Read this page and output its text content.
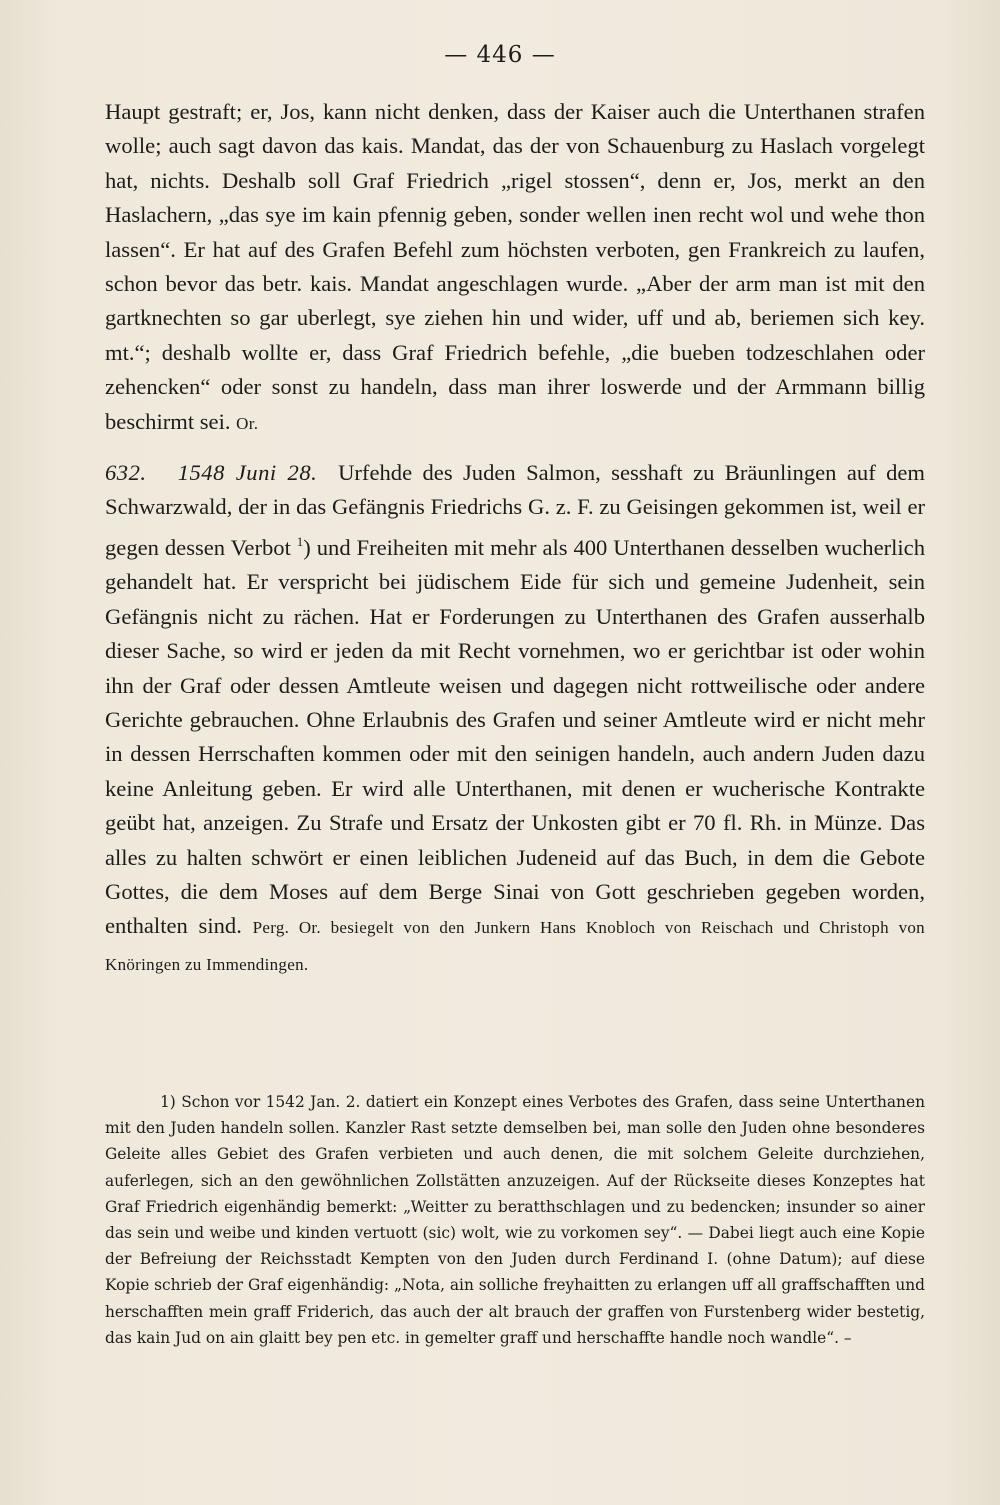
— 446 —

Haupt gestraft; er, Jos, kann nicht denken, dass der Kaiser auch die Unterthanen strafen wolle; auch sagt davon das kais. Mandat, das der von Schauenburg zu Haslach vorgelegt hat, nichts. Deshalb soll Graf Friedrich „rigel stossen“, denn er, Jos, merkt an den Haslachern, „das sye im kain pfennig geben, sonder wellen inen recht wol und wehe thon lassen“. Er hat auf des Grafen Befehl zum höchsten verboten, gen Frankreich zu laufen, schon bevor das betr. kais. Mandat angeschlagen wurde. „Aber der arm man ist mit den gartknechten so gar uberlegt, sye ziehen hin und wider, uff und ab, beriemen sich key. mt.“; deshalb wollte er, dass Graf Friedrich befehle, „die bueben todzeschlahen oder zehencken“ oder sonst zu handeln, dass man ihrer loswerde und der Armmann billig beschirmt sei. Or.

632. 1548 Juni 28. Urfehde des Juden Salmon, sesshaft zu Bräunlingen auf dem Schwarzwald, der in das Gefängnis Friedrichs G. z. F. zu Geisingen gekommen ist, weil er gegen dessen Verbot $^1$) und Freiheiten mit mehr als 400 Unterthanen desselben wucherlich gehandelt hat. Er verspricht bei jüdischem Eide für sich und gemeine Judenheit, sein Gefängnis nicht zu rächen. Hat er Forderungen zu Unterthanen des Grafen ausserhalb dieser Sache, so wird er jeden da mit Recht vornehmen, wo er gerichtbar ist oder wohin ihn der Graf oder dessen Amtleute weisen und dagegen nicht rottweilische oder andere Gerichte gebrauchen. Ohne Erlaubnis des Grafen und seiner Amtleute wird er nicht mehr in dessen Herrschaften kommen oder mit den seinigen handeln, auch andern Juden dazu keine Anleitung geben. Er wird alle Unterthanen, mit denen er wucherische Kontrakte geübt hat, anzeigen. Zu Strafe und Ersatz der Unkosten gibt er 70 fl. Rh. in Münze. Das alles zu halten schwört er einen leiblichen Judeneid auf das Buch, in dem die Gebote Gottes, die dem Moses auf dem Berge Sinai von Gott geschrieben gegeben worden, enthalten sind. Perg. Or. besiegelt von den Junkern Hans Knobloch von Reischach und Christoph von Knöringen zu Immendingen.

1) Schon vor 1542 Jan. 2. datiert ein Konzept eines Verbotes des Grafen, dass seine Unterthanen mit den Juden handeln sollen. Kanzler Rast setzte demselben bei, man solle den Juden ohne besonderes Geleite alles Gebiet des Grafen verbieten und auch denen, die mit solchem Geleite durchziehen, auferlegen, sich an den gewöhnlichen Zollstätten anzuzeigen. Auf der Rückseite dieses Konzeptes hat Graf Friedrich eigenhändig bemerkt: „Weitter zu beratthschlagen und zu bedencken; insunder so ainer das sein und weibe und kinden vertuott (sic) wolt, wie zu vorkomen sey“. — Dabei liegt auch eine Kopie der Befreiung der Reichsstadt Kempten von den Juden durch Ferdinand I. (ohne Datum); auf diese Kopie schrieb der Graf eigenhändig: „Nota, ain solliche freyhaitten zu erlangen uff all graffschafften und herschafften mein graff Friderich, das auch der alt brauch der graffen von Furstenberg wider bestetig, das kain Jud on ain glaitt bey pen etc. in gemelter graff und herschaffte handle noch wandle“. –
